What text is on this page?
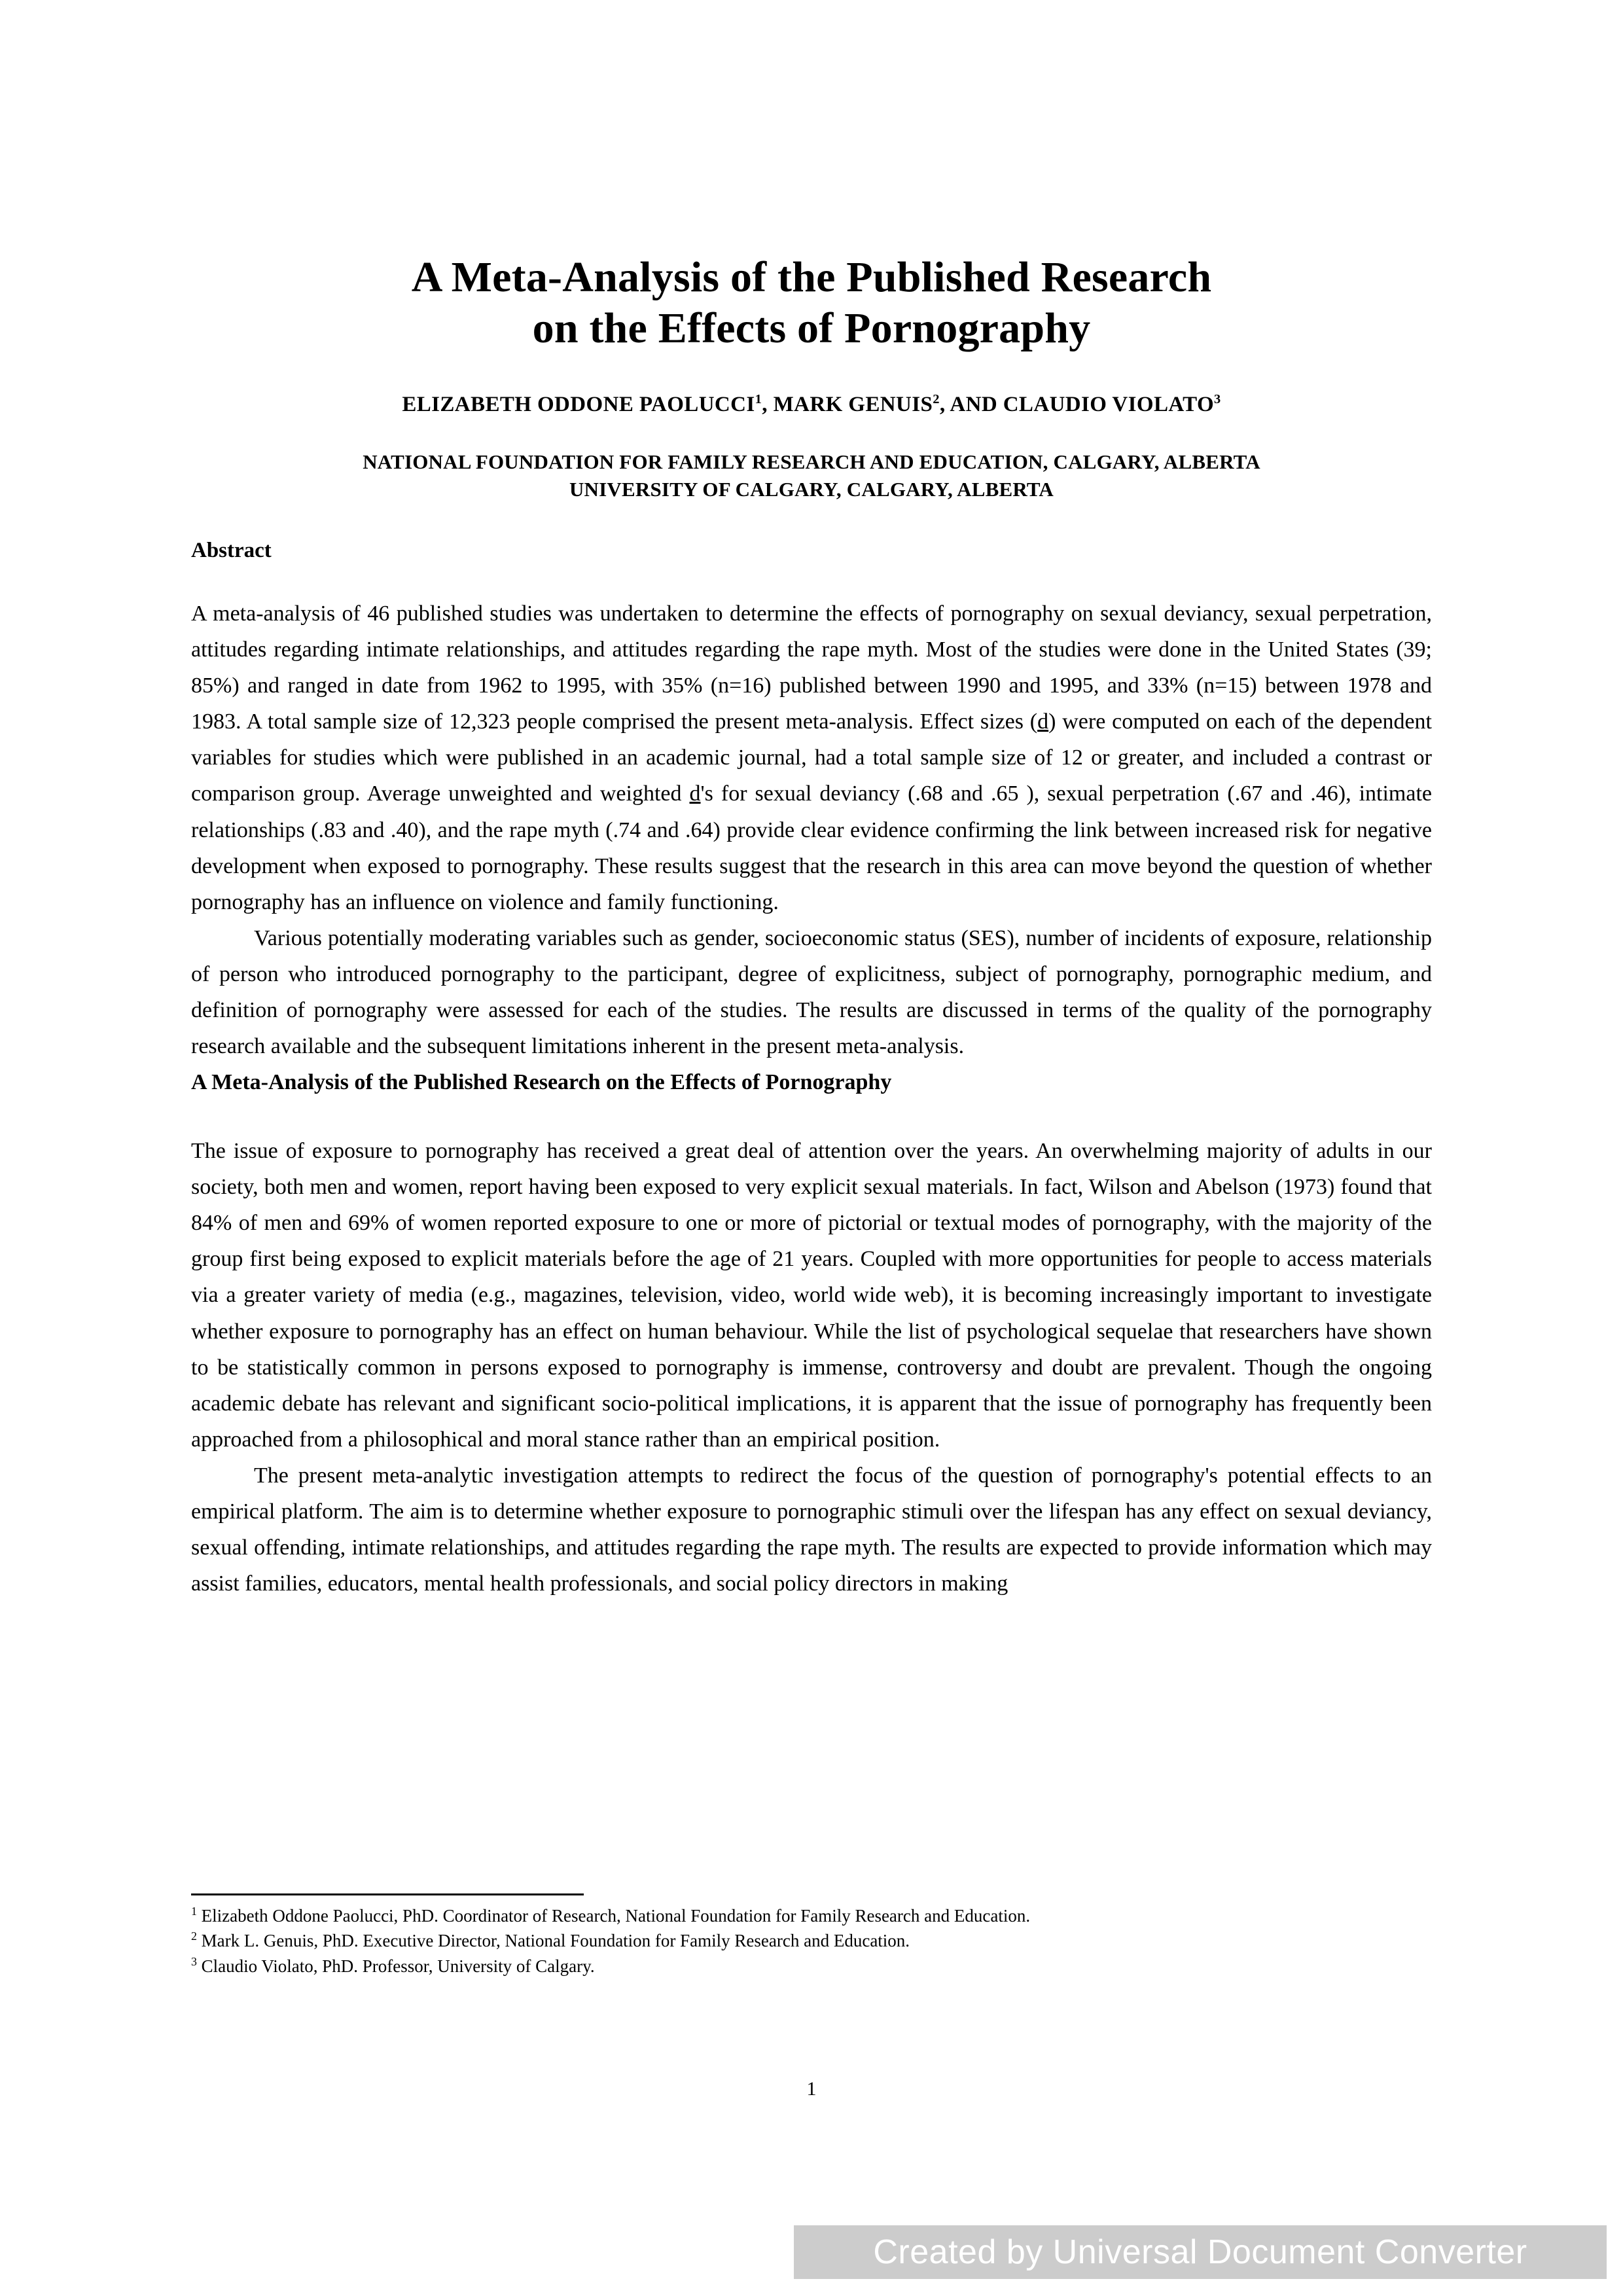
A Meta-Analysis of the Published Research
on the Effects of Pornography

ELIZABETH ODDONE PAOLUCCI$^1$, MARK GENUIS$^2$, AND CLAUDIO VIOLATO$^3$

NATIONAL FOUNDATION FOR FAMILY RESEARCH AND EDUCATION, CALGARY, ALBERTA
UNIVERSITY OF CALGARY, CALGARY, ALBERTA

Abstract

A meta-analysis of 46 published studies was undertaken to determine the effects of pornography on sexual deviancy, sexual perpetration, attitudes regarding intimate relationships, and attitudes regarding the rape myth. Most of the studies were done in the United States (39; 85%) and ranged in date from 1962 to 1995, with 35% (n=16) published between 1990 and 1995, and 33% (n=15) between 1978 and 1983. A total sample size of 12,323 people comprised the present meta-analysis. Effect sizes (d) were computed on each of the dependent variables for studies which were published in an academic journal, had a total sample size of 12 or greater, and included a contrast or comparison group. Average unweighted and weighted d's for sexual deviancy (.68 and .65 ), sexual perpetration (.67 and .46), intimate relationships (.83 and .40), and the rape myth (.74 and .64) provide clear evidence confirming the link between increased risk for negative development when exposed to pornography. These results suggest that the research in this area can move beyond the question of whether pornography has an influence on violence and family functioning.

Various potentially moderating variables such as gender, socioeconomic status (SES), number of incidents of exposure, relationship of person who introduced pornography to the participant, degree of explicitness, subject of pornography, pornographic medium, and definition of pornography were assessed for each of the studies. The results are discussed in terms of the quality of the pornography research available and the subsequent limitations inherent in the present meta-analysis.

A Meta-Analysis of the Published Research on the Effects of Pornography

The issue of exposure to pornography has received a great deal of attention over the years. An overwhelming majority of adults in our society, both men and women, report having been exposed to very explicit sexual materials. In fact, Wilson and Abelson (1973) found that 84% of men and 69% of women reported exposure to one or more of pictorial or textual modes of pornography, with the majority of the group first being exposed to explicit materials before the age of 21 years. Coupled with more opportunities for people to access materials via a greater variety of media (e.g., magazines, television, video, world wide web), it is becoming increasingly important to investigate whether exposure to pornography has an effect on human behaviour. While the list of psychological sequelae that researchers have shown to be statistically common in persons exposed to pornography is immense, controversy and doubt are prevalent. Though the ongoing academic debate has relevant and significant socio-political implications, it is apparent that the issue of pornography has frequently been approached from a philosophical and moral stance rather than an empirical position.

The present meta-analytic investigation attempts to redirect the focus of the question of pornography's potential effects to an empirical platform. The aim is to determine whether exposure to pornographic stimuli over the lifespan has any effect on sexual deviancy, sexual offending, intimate relationships, and attitudes regarding the rape myth. The results are expected to provide information which may assist families, educators, mental health professionals, and social policy directors in making

$^1$ Elizabeth Oddone Paolucci, PhD. Coordinator of Research, National Foundation for Family Research and Education.

$^2$ Mark L. Genuis, PhD. Executive Director, National Foundation for Family Research and Education.

$^3$ Claudio Violato, PhD. Professor, University of Calgary.

1
Created by Universal Document Converter
